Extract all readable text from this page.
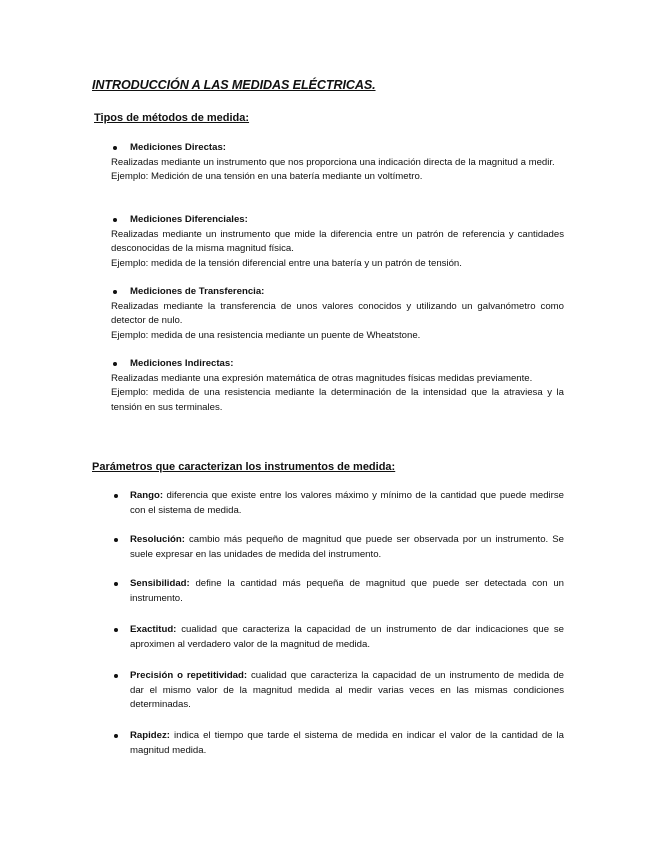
INTRODUCCIÓN A LAS MEDIDAS ELÉCTRICAS.
Tipos de métodos de medida:
Mediciones Directas:

Realizadas mediante un instrumento que nos proporciona una indicación directa de la magnitud a medir.

Ejemplo: Medición de una tensión en una batería mediante un voltímetro.

Mediciones Diferenciales:

Realizadas mediante un instrumento que mide la diferencia entre un patrón de referencia y cantidades desconocidas de la misma magnitud física.

Ejemplo: medida de la tensión diferencial entre una batería y un patrón de tensión.

Mediciones de Transferencia:

Realizadas mediante la transferencia de unos valores conocidos y utilizando un galvanómetro como detector de nulo.

Ejemplo: medida de una resistencia mediante un puente de Wheatstone.

Mediciones Indirectas:

Realizadas mediante una expresión matemática de otras magnitudes físicas medidas previamente.

Ejemplo: medida de una resistencia mediante la determinación de la intensidad que la atraviesa y la tensión en sus terminales.

Parámetros que caracterizan los instrumentos de medida:
Rango: diferencia que existe entre los valores máximo y mínimo de la cantidad que puede medirse con el sistema de medida.
Resolución: cambio más pequeño de magnitud que puede ser observada por un instrumento. Se suele expresar en las unidades de medida del instrumento.
Sensibilidad: define la cantidad más pequeña de magnitud que puede ser detectada con un instrumento.
Exactitud: cualidad que caracteriza la capacidad de un instrumento de dar indicaciones que se aproximen al verdadero valor de la magnitud de medida.
Precisión o repetitividad: cualidad que caracteriza la capacidad de un instrumento de medida de dar el mismo valor de la magnitud medida al medir varias veces en las mismas condiciones determinadas.
Rapidez: indica el tiempo que tarde el sistema de medida en indicar el valor de la cantidad de la magnitud medida.
